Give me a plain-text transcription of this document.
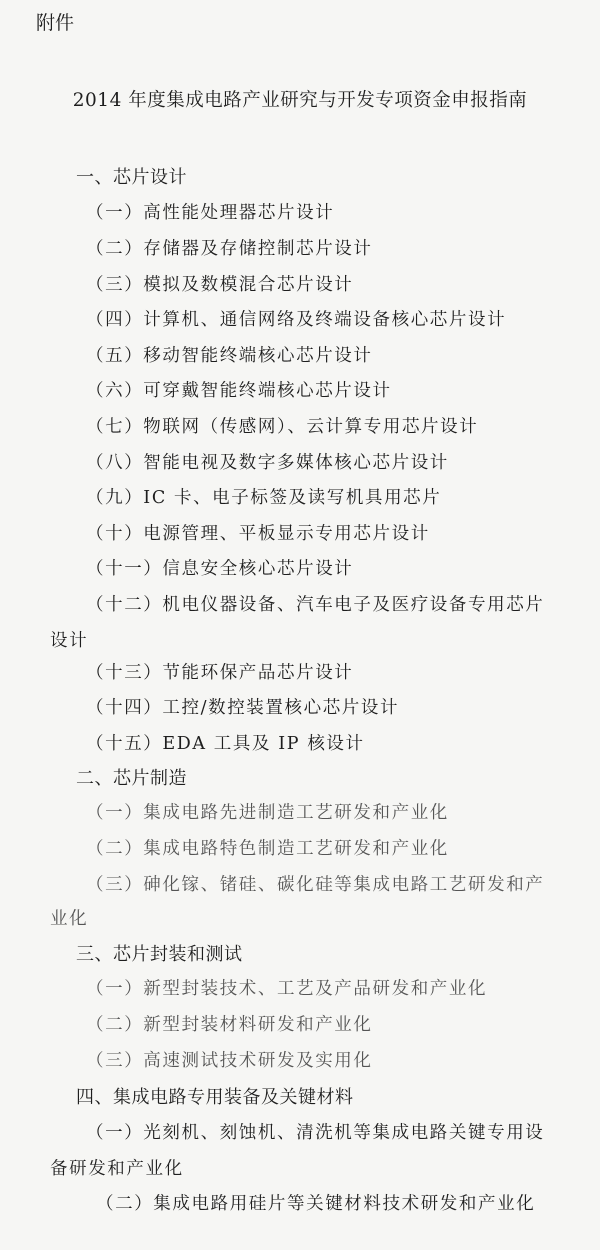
附件
2014 年度集成电路产业研究与开发专项资金申报指南
一、芯片设计
（一）高性能处理器芯片设计
（二）存储器及存储控制芯片设计
（三）模拟及数模混合芯片设计
（四）计算机、通信网络及终端设备核心芯片设计
（五）移动智能终端核心芯片设计
（六）可穿戴智能终端核心芯片设计
（七）物联网（传感网）、云计算专用芯片设计
（八）智能电视及数字多媒体核心芯片设计
（九）IC 卡、电子标签及读写机具用芯片
（十）电源管理、平板显示专用芯片设计
（十一）信息安全核心芯片设计
（十二）机电仪器设备、汽车电子及医疗设备专用芯片
设计
（十三）节能环保产品芯片设计
（十四）工控/数控装置核心芯片设计
（十五）EDA 工具及 IP 核设计
二、芯片制造
（一）集成电路先进制造工艺研发和产业化
（二）集成电路特色制造工艺研发和产业化
（三）砷化镓、锗硅、碳化硅等集成电路工艺研发和产
业化
三、芯片封装和测试
（一）新型封装技术、工艺及产品研发和产业化
（二）新型封装材料研发和产业化
（三）高速测试技术研发及实用化
四、集成电路专用装备及关键材料
（一）光刻机、刻蚀机、清洗机等集成电路关键专用设
备研发和产业化
（二）集成电路用硅片等关键材料技术研发和产业化
